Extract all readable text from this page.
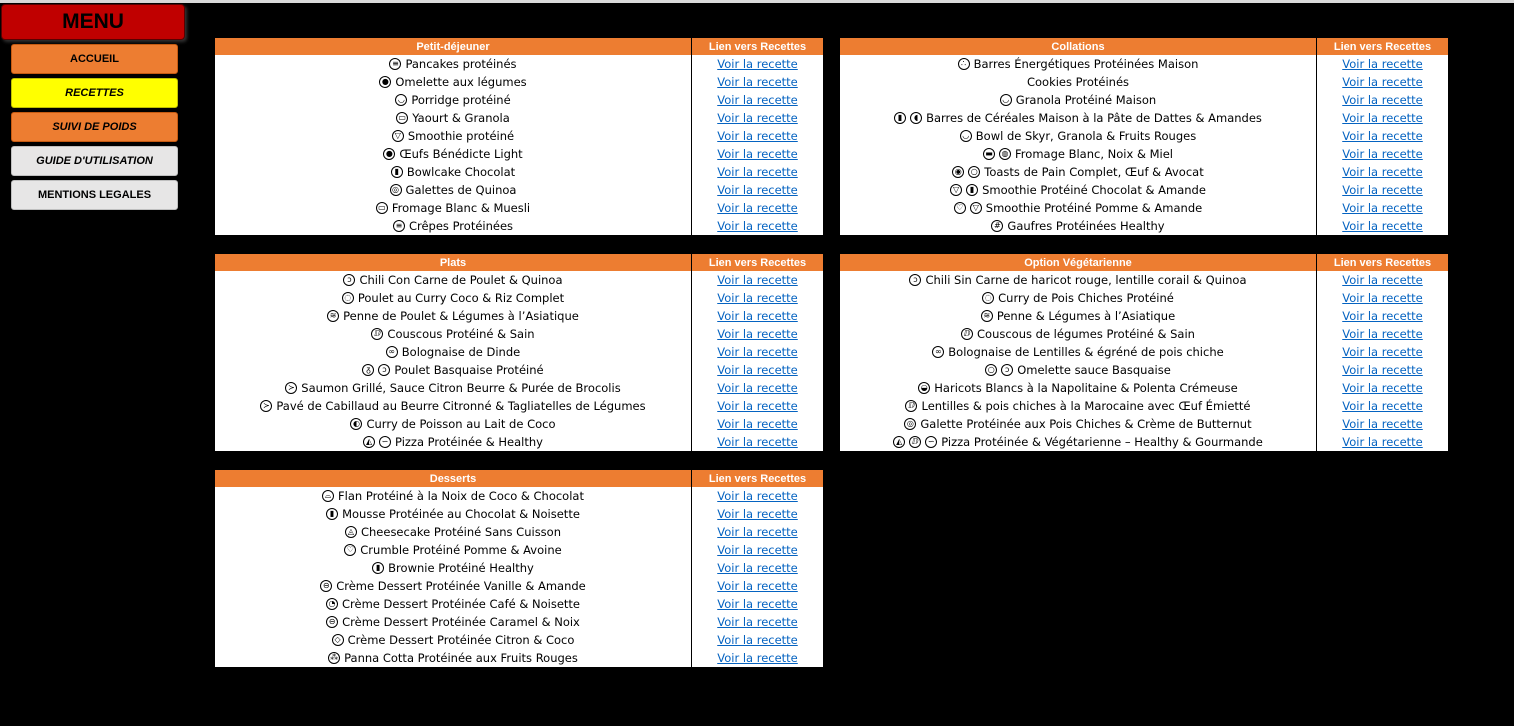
MENU
ACCUEIL
RECETTES
SUIVI DE POIDS
GUIDE D'UTILISATION
MENTIONS LEGALES
Petit-déjeuner	Lien vers Recettes
≡ Pancakes protéinés	Voir la recette
● Omelette aux légumes	Voir la recette
◡ Porridge protéiné	Voir la recette
▭ Yaourt & Granola	Voir la recette
▽ Smoothie protéiné	Voir la recette
● Œufs Bénédicte Light	Voir la recette
▮ Bowlcake Chocolat	Voir la recette
◎ Galettes de Quinoa	Voir la recette
▭ Fromage Blanc & Muesli	Voir la recette
≡ Crêpes Protéinées	Voir la recette
Collations	Lien vers Recettes
∴ Barres Énergétiques Protéinées Maison	Voir la recette
Cookies Protéinés	Voir la recette
◡ Granola Protéiné Maison	Voir la recette
▮	◖ Barres de Céréales Maison à la Pâte de Dattes & Amandes	Voir la recette
◡ Bowl de Skyr, Granola & Fruits Rouges	Voir la recette
▬	◍ Fromage Blanc, Noix & Miel	Voir la recette
◉	○ Toasts de Pain Complet, Œuf & Avocat	Voir la recette
▽	▮ Smoothie Protéiné Chocolat & Amande	Voir la recette
♡	▽ Smoothie Protéiné Pomme & Amande	Voir la recette
# Gaufres Protéinées Healthy	Voir la recette
Plats	Lien vers Recettes
ↄ Chili Con Carne de Poulet & Quinoa	Voir la recette
◌ Poulet au Curry Coco & Riz Complet	Voir la recette
≋ Penne de Poulet & Légumes à l’Asiatique	Voir la recette
ⅅ Couscous Protéiné & Sain	Voir la recette
∞ Bolognaise de Dinde	Voir la recette
ᵹ	ↄ Poulet Basquaise Protéiné	Voir la recette
≻ Saumon Grillé, Sauce Citron Beurre & Purée de Brocolis	Voir la recette
≻ Pavé de Cabillaud au Beurre Citronné & Tagliatelles de Légumes	Voir la recette
◐ Curry de Poisson au Lait de Coco	Voir la recette
◭	∽ Pizza Protéinée & Healthy	Voir la recette
Option Végétarienne	Lien vers Recettes
ↄ Chili Sin Carne de haricot rouge, lentille corail & Quinoa	Voir la recette
◌ Curry de Pois Chiches Protéiné	Voir la recette
≋ Penne & Légumes à l’Asiatique	Voir la recette
ⅅ Couscous de légumes Protéiné & Sain	Voir la recette
∞ Bolognaise de Lentilles & égréné de pois chiche	Voir la recette
○	ↄ Omelette sauce Basquaise	Voir la recette
◒ Haricots Blancs à la Napolitaine & Polenta Crémeuse	Voir la recette
ⅅ Lentilles & pois chiches à la Marocaine avec Œuf Émietté	Voir la recette
◎ Galette Protéinée aux Pois Chiches & Crème de Butternut	Voir la recette
◭	ⅅ	∽ Pizza Protéinée & Végétarienne – Healthy & Gourmande	Voir la recette
Desserts	Lien vers Recettes
⌓ Flan Protéiné à la Noix de Coco & Chocolat	Voir la recette
▮ Mousse Protéinée au Chocolat & Noisette	Voir la recette
◬ Cheesecake Protéiné Sans Cuisson	Voir la recette
♡ Crumble Protéiné Pomme & Avoine	Voir la recette
▮ Brownie Protéiné Healthy	Voir la recette
⊖ Crème Dessert Protéinée Vanille & Amande	Voir la recette
◔ Crème Dessert Protéinée Café & Noisette	Voir la recette
⊖ Crème Dessert Protéinée Caramel & Noix	Voir la recette
◇ Crème Dessert Protéinée Citron & Coco	Voir la recette
⁂ Panna Cotta Protéinée aux Fruits Rouges	Voir la recette
